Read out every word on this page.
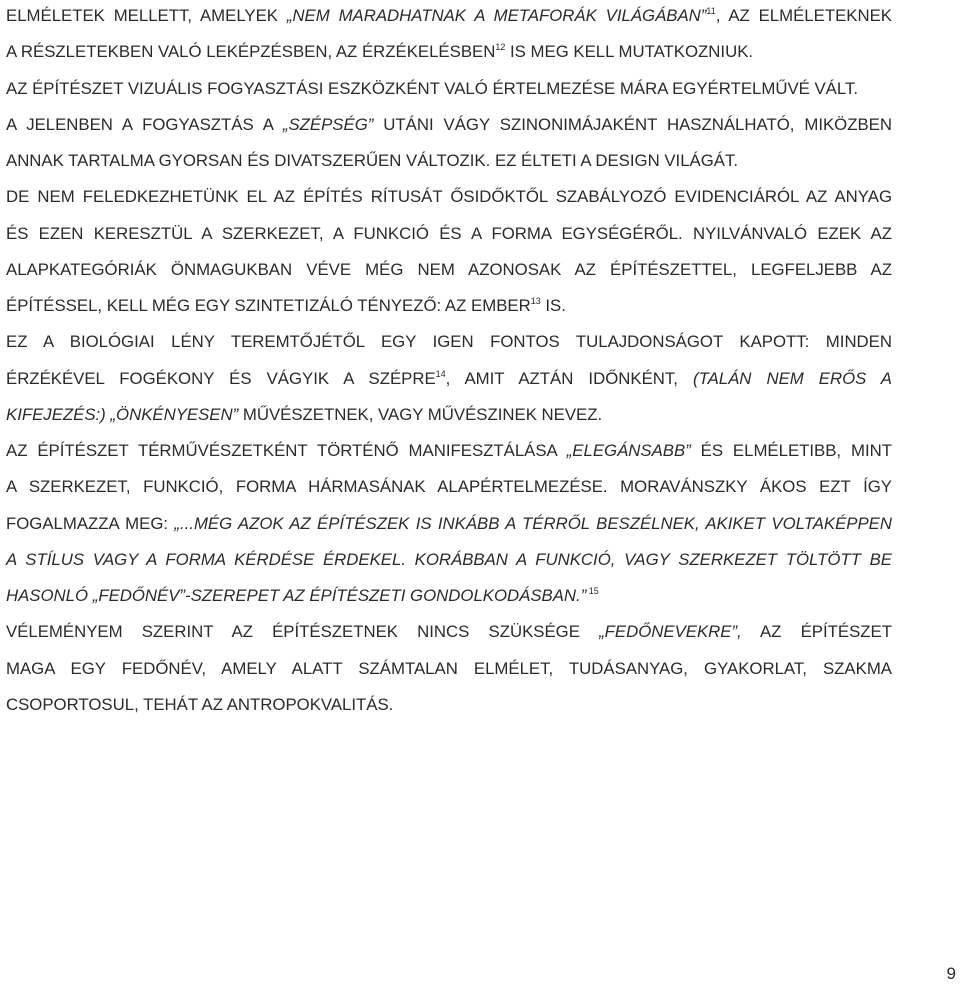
ELMÉLETEK MELLETT, AMELYEK „NEM MARADHATNAK A METAFORÁK VILÁGÁBAN”$^{11}$, AZ ELMÉLETEKNEK
A RÉSZLETEKBEN VALÓ LEKÉPZÉSBEN, AZ ÉRZÉKELÉSBEN$^{12}$ IS MEG KELL MUTATKOZNIUK.
AZ ÉPÍTÉSZET VIZUÁLIS FOGYASZTÁSI ESZKÖZKÉNT VALÓ ÉRTELMEZÉSE MÁRA EGYÉRTELMŰVÉ VÁLT.
A JELENBEN A FOGYASZTÁS A „SZÉPSÉG” UTÁNI VÁGY SZINONIMÁJAKÉNT HASZNÁLHATÓ, MIKÖZBEN
ANNAK TARTALMA GYORSAN ÉS DIVATSZERŰEN VÁLTOZIK. EZ ÉLTETI A DESIGN VILÁGÁT.
DE NEM FELEDKEZHETÜNK EL AZ ÉPÍTÉS RÍTUSÁT ŐSIDŐKTŐL SZABÁLYOZÓ EVIDENCIÁRÓL AZ ANYAG
ÉS EZEN KERESZTÜL A SZERKEZET, A FUNKCIÓ ÉS A FORMA EGYSÉGÉRŐL. NYILVÁNVALÓ EZEK AZ
ALAPKATEGÓRIÁK ÖNMAGUKBAN VÉVE MÉG NEM AZONOSAK AZ ÉPÍTÉSZETTEL, LEGFELJEBB AZ
ÉPÍTÉSSEL, KELL MÉG EGY SZINTETIZÁLÓ TÉNYEZŐ: AZ EMBER$^{13}$ IS.
EZ A BIOLÓGIAI LÉNY TEREMTŐJÉTŐL EGY IGEN FONTOS TULAJDONSÁGOT KAPOTT: MINDEN
ÉRZÉKÉVEL FOGÉKONY ÉS VÁGYIK A SZÉPRE$^{14}$, AMIT AZTÁN IDŐNKÉNT, (TALÁN NEM ERŐS A
KIFEJEZÉS:) „ÖNKÉNYESEN” MŰVÉSZETNEK, VAGY MŰVÉSZINEK NEVEZ.
AZ ÉPÍTÉSZET TÉRMŰVÉSZETKÉNT TÖRTÉNŐ MANIFESZTÁLÁSA „ELEGÁNSABB” ÉS ELMÉLETIBB, MINT
A SZERKEZET, FUNKCIÓ, FORMA HÁRMASÁNAK ALAPÉRTELMEZÉSE. MORAVÁNSZKY ÁKOS EZT ÍGY
FOGALMAZZA MEG: „...MÉG AZOK AZ ÉPÍTÉSZEK IS INKÁBB A TÉRRŐL BESZÉLNEK, AKIKET VOLTAKÉPPEN
A STÍLUS VAGY A FORMA KÉRDÉSE ÉRDEKEL. KORÁBBAN A FUNKCIÓ, VAGY SZERKEZET TÖLTÖTT BE
HASONLÓ „FEDŐNÉV”-SZEREPET AZ ÉPÍTÉSZETI GONDOLKODÁSBAN.” $^{15}$
VÉLEMÉNYEM SZERINT AZ ÉPÍTÉSZETNEK NINCS SZÜKSÉGE „FEDŐNEVEKRE”, AZ ÉPÍTÉSZET
MAGA EGY FEDŐNÉV, AMELY ALATT SZÁMTALAN ELMÉLET, TUDÁSANYAG, GYAKORLAT, SZAKMA
CSOPORTOSUL, TEHÁT AZ ANTROPOKVALITÁS.
9
